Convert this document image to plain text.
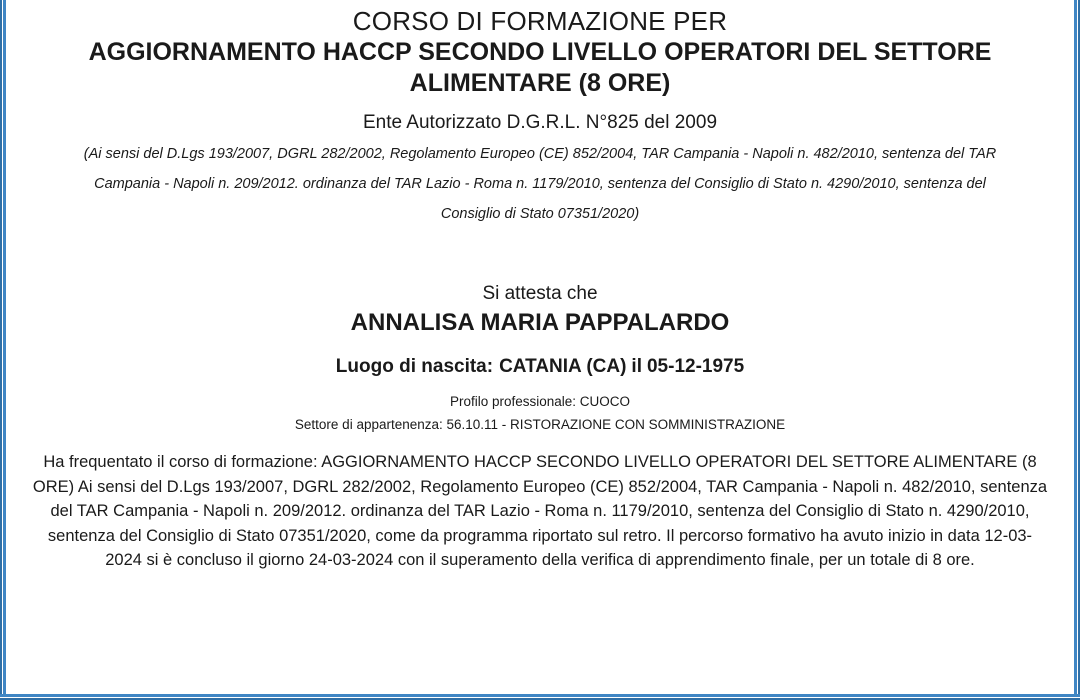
CORSO DI FORMAZIONE PER
AGGIORNAMENTO HACCP SECONDO LIVELLO OPERATORI DEL SETTORE ALIMENTARE (8 ORE)
Ente Autorizzato D.G.R.L. N°825 del 2009
(Ai sensi del D.Lgs 193/2007, DGRL 282/2002, Regolamento Europeo (CE) 852/2004, TAR Campania - Napoli n. 482/2010, sentenza del TAR Campania - Napoli n. 209/2012. ordinanza del TAR Lazio - Roma n. 1179/2010, sentenza del Consiglio di Stato n. 4290/2010, sentenza del Consiglio di Stato 07351/2020)
Si attesta che
ANNALISA MARIA PAPPALARDO
Luogo di nascita: CATANIA (CA) il 05-12-1975
Profilo professionale: CUOCO
Settore di appartenenza: 56.10.11 - RISTORAZIONE CON SOMMINISTRAZIONE
Ha frequentato il corso di formazione: AGGIORNAMENTO HACCP SECONDO LIVELLO OPERATORI DEL SETTORE ALIMENTARE (8 ORE) Ai sensi del D.Lgs 193/2007, DGRL 282/2002, Regolamento Europeo (CE) 852/2004, TAR Campania - Napoli n. 482/2010, sentenza del TAR Campania - Napoli n. 209/2012. ordinanza del TAR Lazio - Roma n. 1179/2010, sentenza del Consiglio di Stato n. 4290/2010, sentenza del Consiglio di Stato 07351/2020, come da programma riportato sul retro. Il percorso formativo ha avuto inizio in data 12-03-2024 si è concluso il giorno 24-03-2024 con il superamento della verifica di apprendimento finale, per un totale di 8 ore.
